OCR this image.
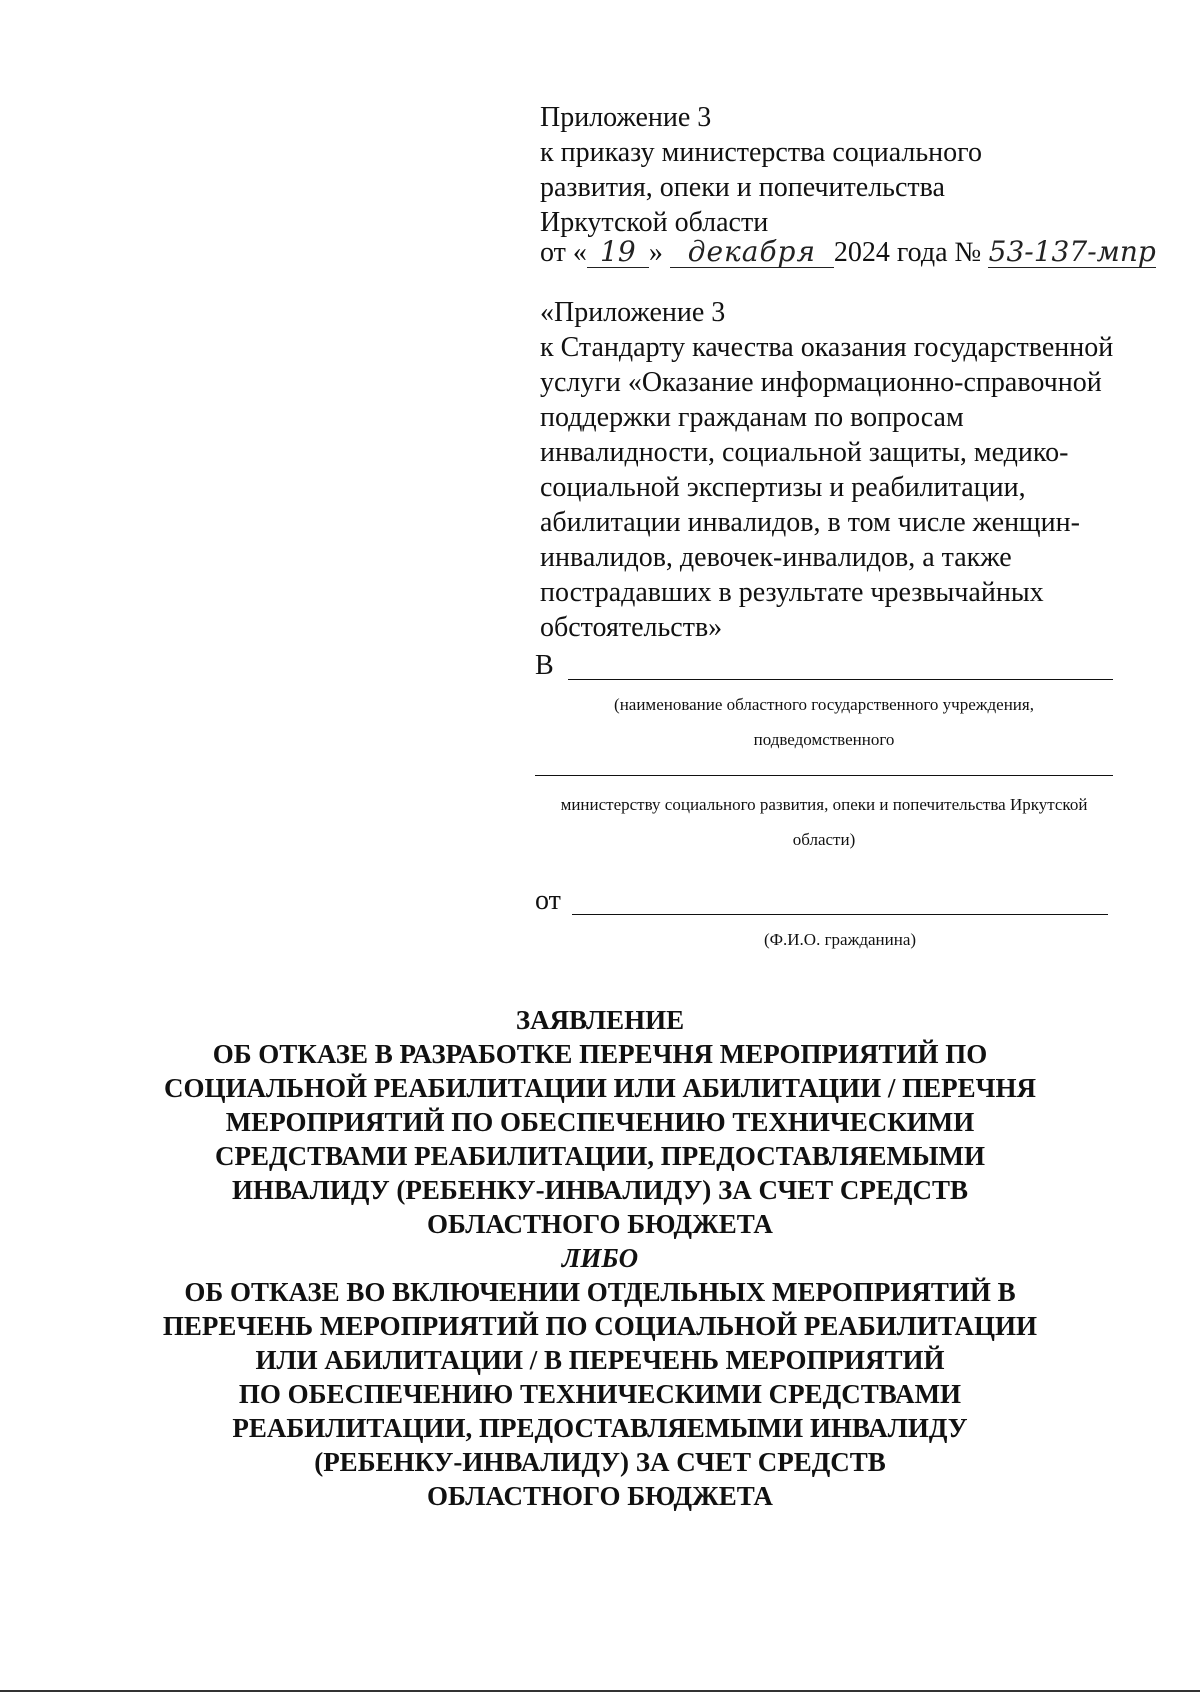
Приложение 3
к приказу министерства социального
развития, опеки и попечительства
Иркутской области
от « 19 » декабря 2024 года № 53-137-мпр
«Приложение 3
к Стандарту качества оказания государственной
услуги «Оказание информационно-справочной
поддержки гражданам по вопросам
инвалидности, социальной защиты, медико-
социальной экспертизы и реабилитации,
абилитации инвалидов, в том числе женщин-
инвалидов, девочек-инвалидов, а также
пострадавших в результате чрезвычайных
обстоятельств»
В
(наименование областного государственного учреждения,
подведомственного
министерству социального развития, опеки и попечительства Иркутской
области)
от
(Ф.И.О. гражданина)
ЗАЯВЛЕНИЕ
ОБ ОТКАЗЕ В РАЗРАБОТКЕ ПЕРЕЧНЯ МЕРОПРИЯТИЙ ПО
СОЦИАЛЬНОЙ РЕАБИЛИТАЦИИ ИЛИ АБИЛИТАЦИИ / ПЕРЕЧНЯ
МЕРОПРИЯТИЙ ПО ОБЕСПЕЧЕНИЮ ТЕХНИЧЕСКИМИ
СРЕДСТВАМИ РЕАБИЛИТАЦИИ, ПРЕДОСТАВЛЯЕМЫМИ
ИНВАЛИДУ (РЕБЕНКУ-ИНВАЛИДУ) ЗА СЧЕТ СРЕДСТВ
ОБЛАСТНОГО БЮДЖЕТА
ЛИБО
ОБ ОТКАЗЕ ВО ВКЛЮЧЕНИИ ОТДЕЛЬНЫХ МЕРОПРИЯТИЙ В
ПЕРЕЧЕНЬ МЕРОПРИЯТИЙ ПО СОЦИАЛЬНОЙ РЕАБИЛИТАЦИИ
ИЛИ АБИЛИТАЦИИ / В ПЕРЕЧЕНЬ МЕРОПРИЯТИЙ
ПО ОБЕСПЕЧЕНИЮ ТЕХНИЧЕСКИМИ СРЕДСТВАМИ
РЕАБИЛИТАЦИИ, ПРЕДОСТАВЛЯЕМЫМИ ИНВАЛИДУ
(РЕБЕНКУ-ИНВАЛИДУ) ЗА СЧЕТ СРЕДСТВ
ОБЛАСТНОГО БЮДЖЕТА
